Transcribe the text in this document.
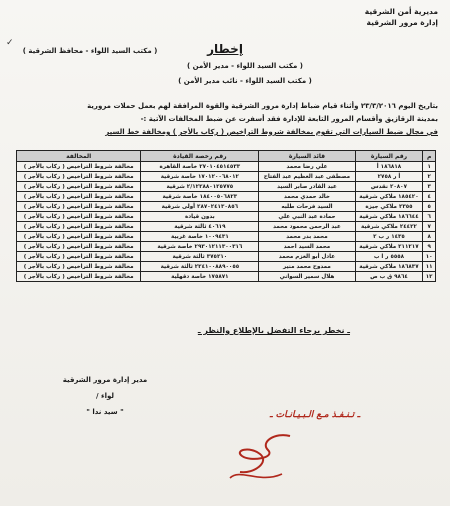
مديرية أمن الشرقية
إدارة مرور الشرقية
✓	إخطار
( مكتب السيد اللواء - محافظ الشرقية )
( مكتب السيد اللواء - مدير الأمن )
( مكتب السيد اللواء - نائب مدير الأمن )
بتاريخ اليوم ٢٣/٣/٢٠١٦ وأثناء قيام ضباط إدارة مرور الشرقية والقوة المرافقة لهم بعمل حملات مرورية
بمدينة الزقازيق وأقسام المرور التابعة للإدارة فقد أسفرت عن ضبط المخالفات الآتية :-
في مجال ضبط السيارات التي تقوم بمخالفة شروط التراخيص ( ركاب بالأجر ) ومخالفة خط السير
م	رقم السيارة	قائد السيارة	رقم رخصة القيادة	المخالفة
١	١٨٦٨١٨ أ	علي رضا محمد	٢٧٠١٠٤٥١٤٥٣٣ خاصة القاهرة	مخالفة شروط التراخيص ( ركاب بالأجر )
٢	أ ر ٢٧٥٨	مصطفى عبد العظيم عبد الفتاح	١٧٠١٢٠٠٦٨٠١٢ خاصة شرقية	مخالفة شروط التراخيص ( ركاب بالأجر )
٣	٢٠٨٠٧ نقدس	عبد القادر صابر السيد	٢/١٢٢٨٨٠١٢٥٧٧٥ شرقية	مخالفة شروط التراخيص ( ركاب بالأجر )
٤	١٨٥٤٢٠ ملاكي شرقية	خالد حمدي محمد	١٨٤٠٠٥٠٦٨٢٣ خاصة شرقية	مخالفة شروط التراخيص ( ركاب بالأجر )
٥	٢٣٥٥ ملاكي جيزة	السيد فرحات طلبه	٢٨٧٠٢٤١٣٠٨٥٦ أولى شرقية	مخالفة شروط التراخيص ( ركاب بالأجر )
٦	١٨٦٦٤٤ ملاكي شرقية	حمادة عبد النبي علي	بدون قيادة	مخالفة شروط التراخيص ( ركاب بالأجر )
٧	٢٤٤٢٢ ملاكي شرقية	عبد الرحمن محمود محمد	٤٠٦١٩ ثالثة شرقية	مخالفة شروط التراخيص ( ركاب بالأجر )
٨	١٤٣٥ ر ب ٢	محمد بدر محمد	١٠٠٩٤٣١ خاصة غربية	مخالفة شروط التراخيص ( ركاب بالأجر )
٩	٢١١٢١٧ ملاكي شرقية	محمد السيد احمد	٢٩٣٠١٢١١٣٠٠٣١٦ خاصة شرقية	مخالفة شروط التراخيص ( ركاب بالأجر )
١٠	٥٥٥٨ ر ا ب	عادل أبو العزم محمد	٣٧٥٢١٠ ثالثة شرقية	مخالفة شروط التراخيص ( ركاب بالأجر )
١١	١٨٦٨٣٧ ملاكي شرقية	ممدوح محمد منير	٢٢٤١٠٠٨٨٩٠٠٥٥ ثالثة شرقية	مخالفة شروط التراخيص ( ركاب بالأجر )
١٢	٩٨٦٤ ق ب ص	هلال سمير السواني	١٧٥٨٧١ خاصة دقهلية	مخالفة شروط التراخيص ( ركاب بالأجر )
ـ نخطر برجاء التفضل بالإطلاع والنظر ـ
مدير إدارة مرور الشرقية
لواء /
" سيد ندا "	ـ تـنـفـذ مـع الـبـيـانـات ـ
